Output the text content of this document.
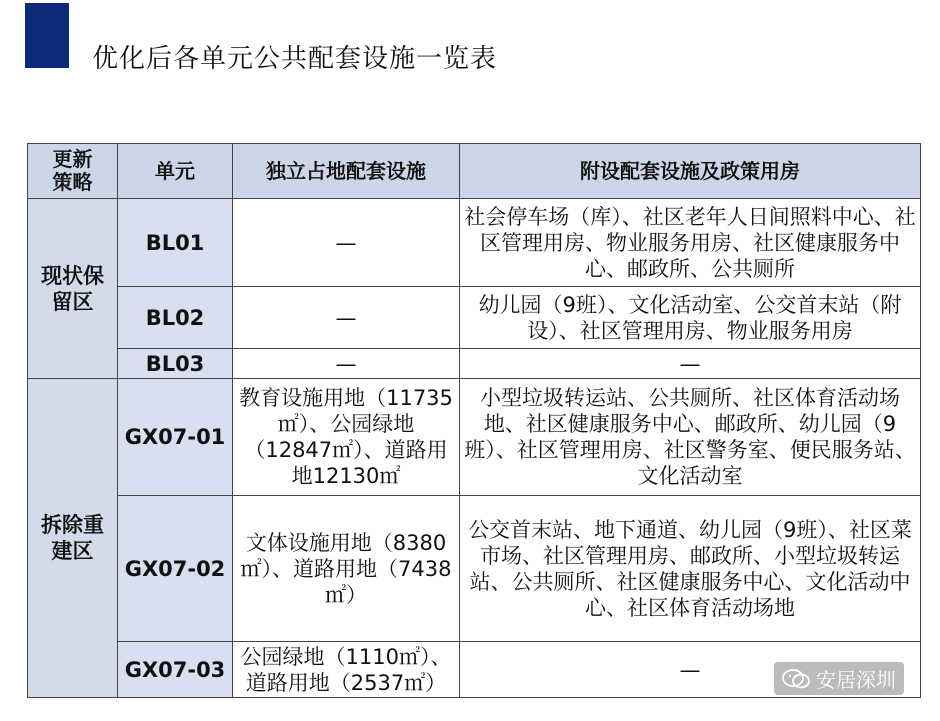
优化后各单元公共配套设施一览表
更新策略	单元	独立占地配套设施	附设配套设施及政策用房

现状保留区	BL01	—	社会停车场（库）、社区老年人日间照料中心、社区管理用房、物业服务用房、社区健康服务中心、邮政所、公共厕所
	BL02	—	幼儿园（9班）、文化活动室、公交首末站（附设）、社区管理用房、物业服务用房
	BL03	—	—

拆除重建区	GX07-01	教育设施用地（11735㎡）、公园绿地（12847㎡）、道路用地12130㎡	小型垃圾转运站、公共厕所、社区体育活动场地、社区健康服务中心、邮政所、幼儿园（9班）、社区管理用房、社区警务室、便民服务站、文化活动室
	GX07-02	文体设施用地（8380㎡）、道路用地（7438㎡）	公交首末站、地下通道、幼儿园（9班）、社区菜市场、社区管理用房、邮政所、小型垃圾转运站、公共厕所、社区健康服务中心、文化活动中心、社区体育活动场地
	GX07-03	公园绿地（1110㎡）、道路用地（2537㎡）	—	安居深圳
